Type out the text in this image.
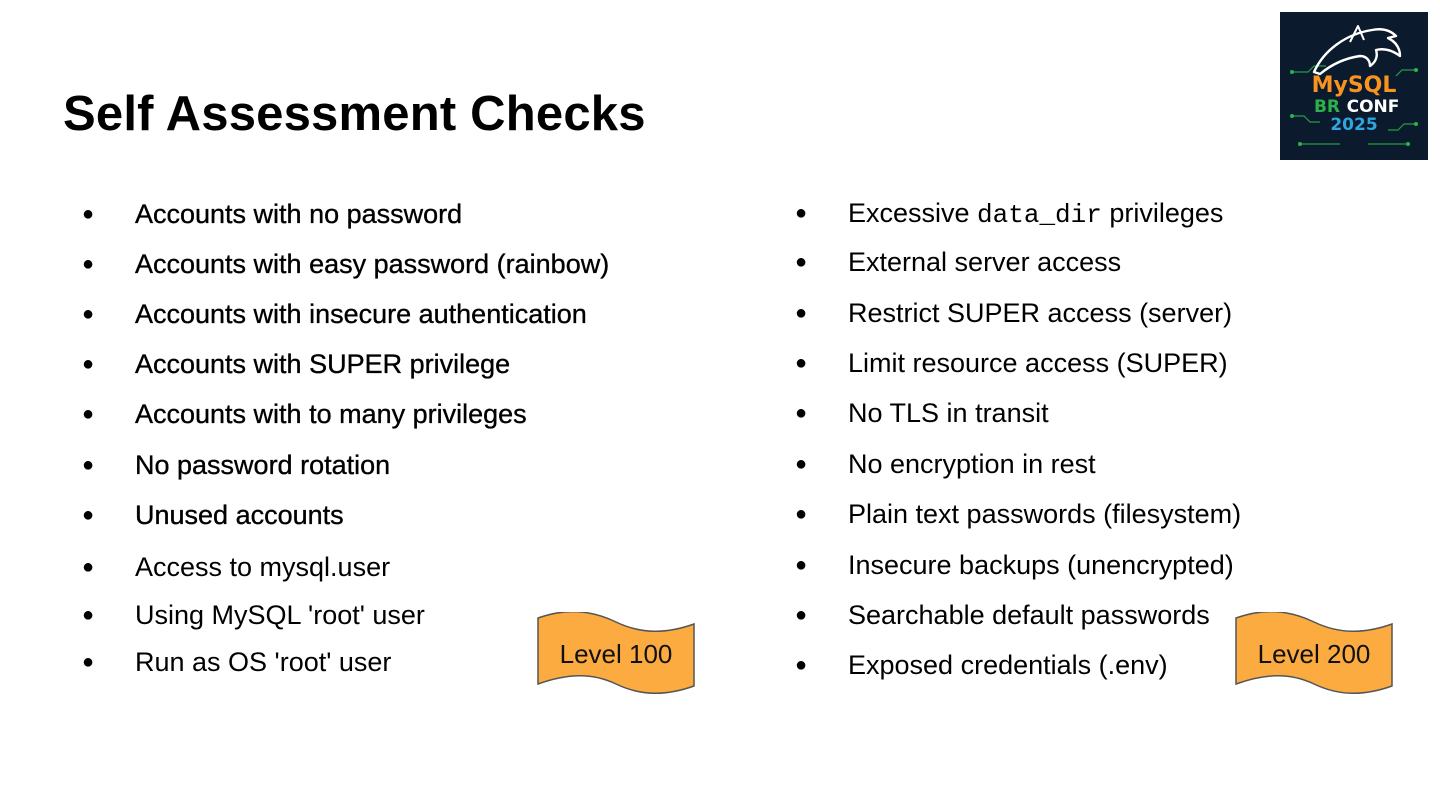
Self Assessment Checks
MySQL
BR CONF
2025
● Accounts with no password
● Accounts with easy password (rainbow)
● Accounts with insecure authentication
● Accounts with SUPER privilege
● Accounts with to many privileges
● No password rotation
● Unused accounts
● Access to mysql.user
● Using MySQL 'root' user
● Run as OS 'root' user	Level 100
● Excessive data_dir privileges
● External server access
● Restrict SUPER access (server)
● Limit resource access (SUPER)
● No TLS in transit
● No encryption in rest
● Plain text passwords (filesystem)
● Insecure backups (unencrypted)
● Searchable default passwords
● Exposed credentials (.env)	Level 200
